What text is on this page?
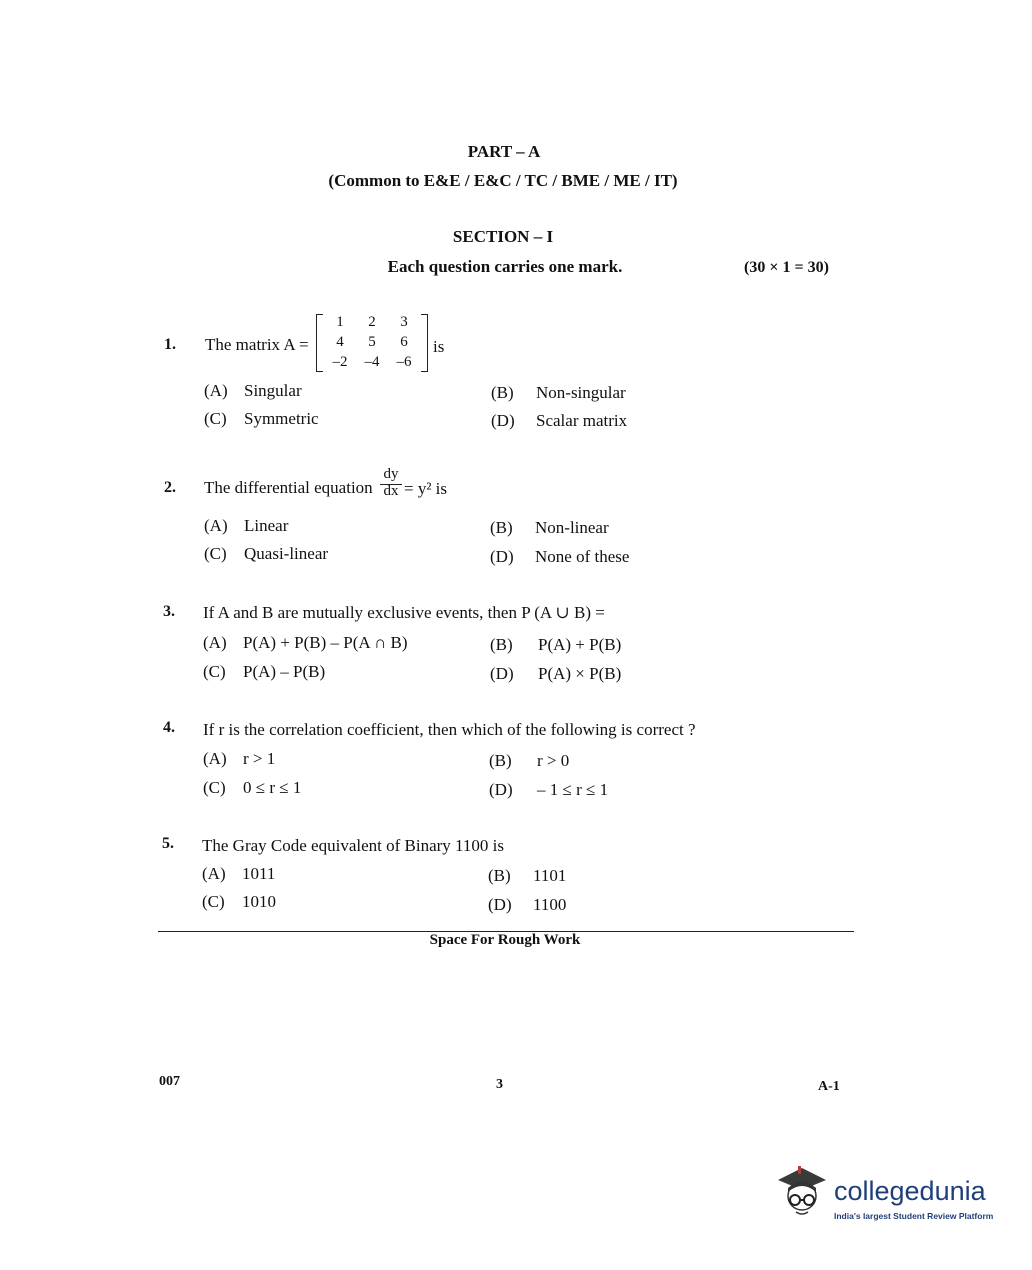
PART – A
(Common to E&E / E&C / TC / BME / ME / IT)
SECTION – I
Each question carries one mark.	(30 × 1 = 30)
1. The matrix A =
1	2	3
4	5	6
–2	–4	–6
is
(A) Singular	(B) Non-singular
(C) Symmetric	(D) Scalar matrix
2. The differential equation
dy
dx = y² is
(A) Linear	(B) Non-linear
(C) Quasi-linear	(D) None of these
3. If A and B are mutually exclusive events, then P (A ∪ B) =
(A) P(A) + P(B) – P(A ∩ B)	(B) P(A) + P(B)
(C) P(A) – P(B)	(D) P(A) × P(B)
4. If r is the correlation coefficient, then which of the following is correct ?
(A) r > 1	(B) r > 0
(C) 0 ≤ r ≤ 1	(D) – 1 ≤ r ≤ 1
5. The Gray Code equivalent of Binary 1100 is
(A) 1011	(B) 1101
(C) 1010	(D) 1100
Space For Rough Work
007	3	A-1
collegedunia
India's largest Student Review Platform
